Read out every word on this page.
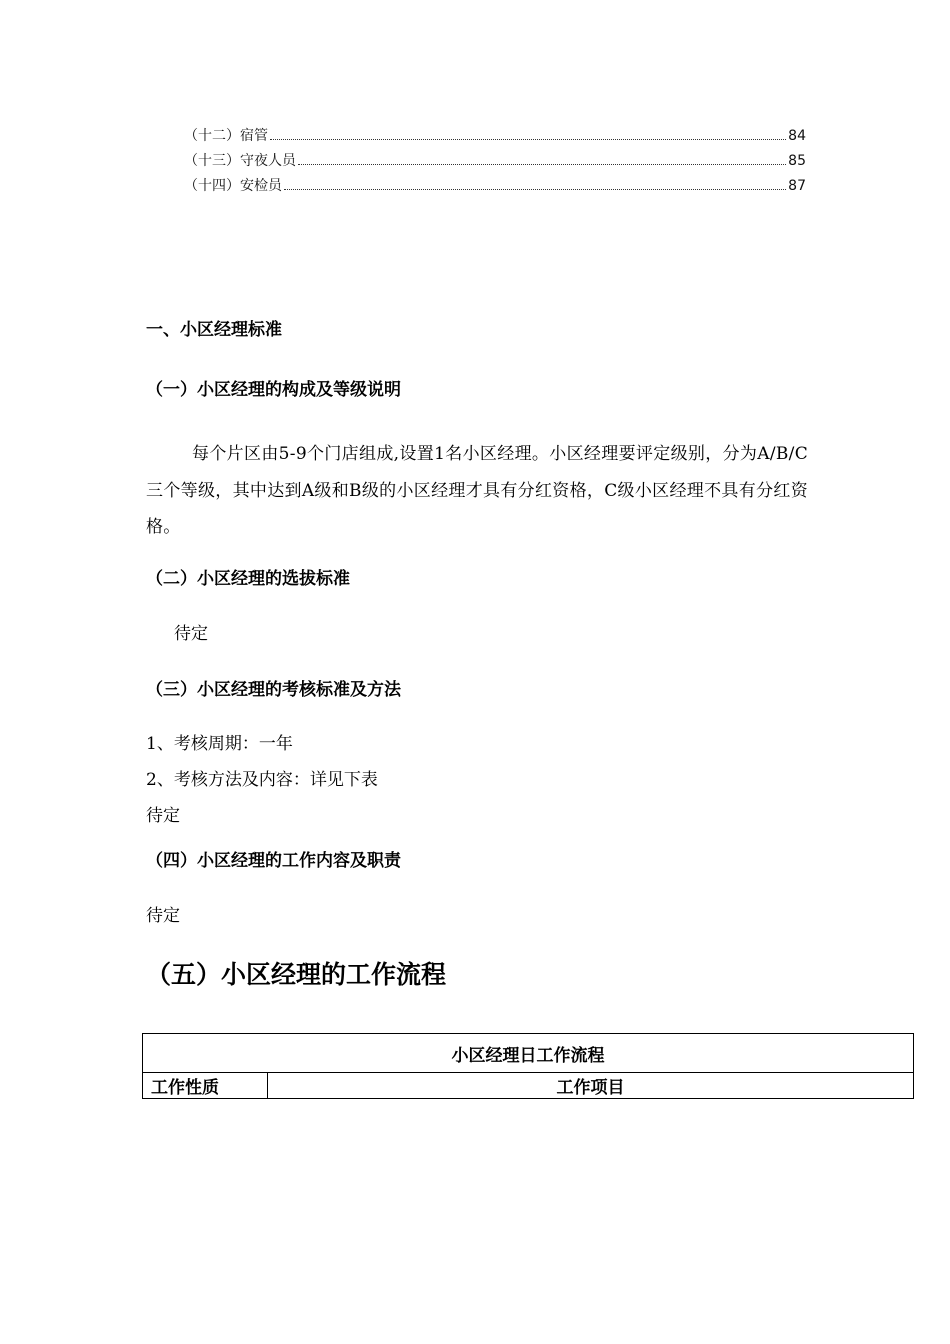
（十二）宿管	84
（十三）守夜人员	85
（十四）安检员	87
一、小区经理标准
（一）小区经理的构成及等级说明
每个片区由5-9个门店组成,设置1名小区经理。小区经理要评定级别，分为A/B/C三个等级，其中达到A级和B级的小区经理才具有分红资格，C级小区经理不具有分红资格。
（二）小区经理的选拔标准
待定
（三）小区经理的考核标准及方法
1、考核周期：一年
2、考核方法及内容：详见下表
待定
（四）小区经理的工作内容及职责
待定
（五）小区经理的工作流程
小区经理日工作流程
工作性质	工作项目
